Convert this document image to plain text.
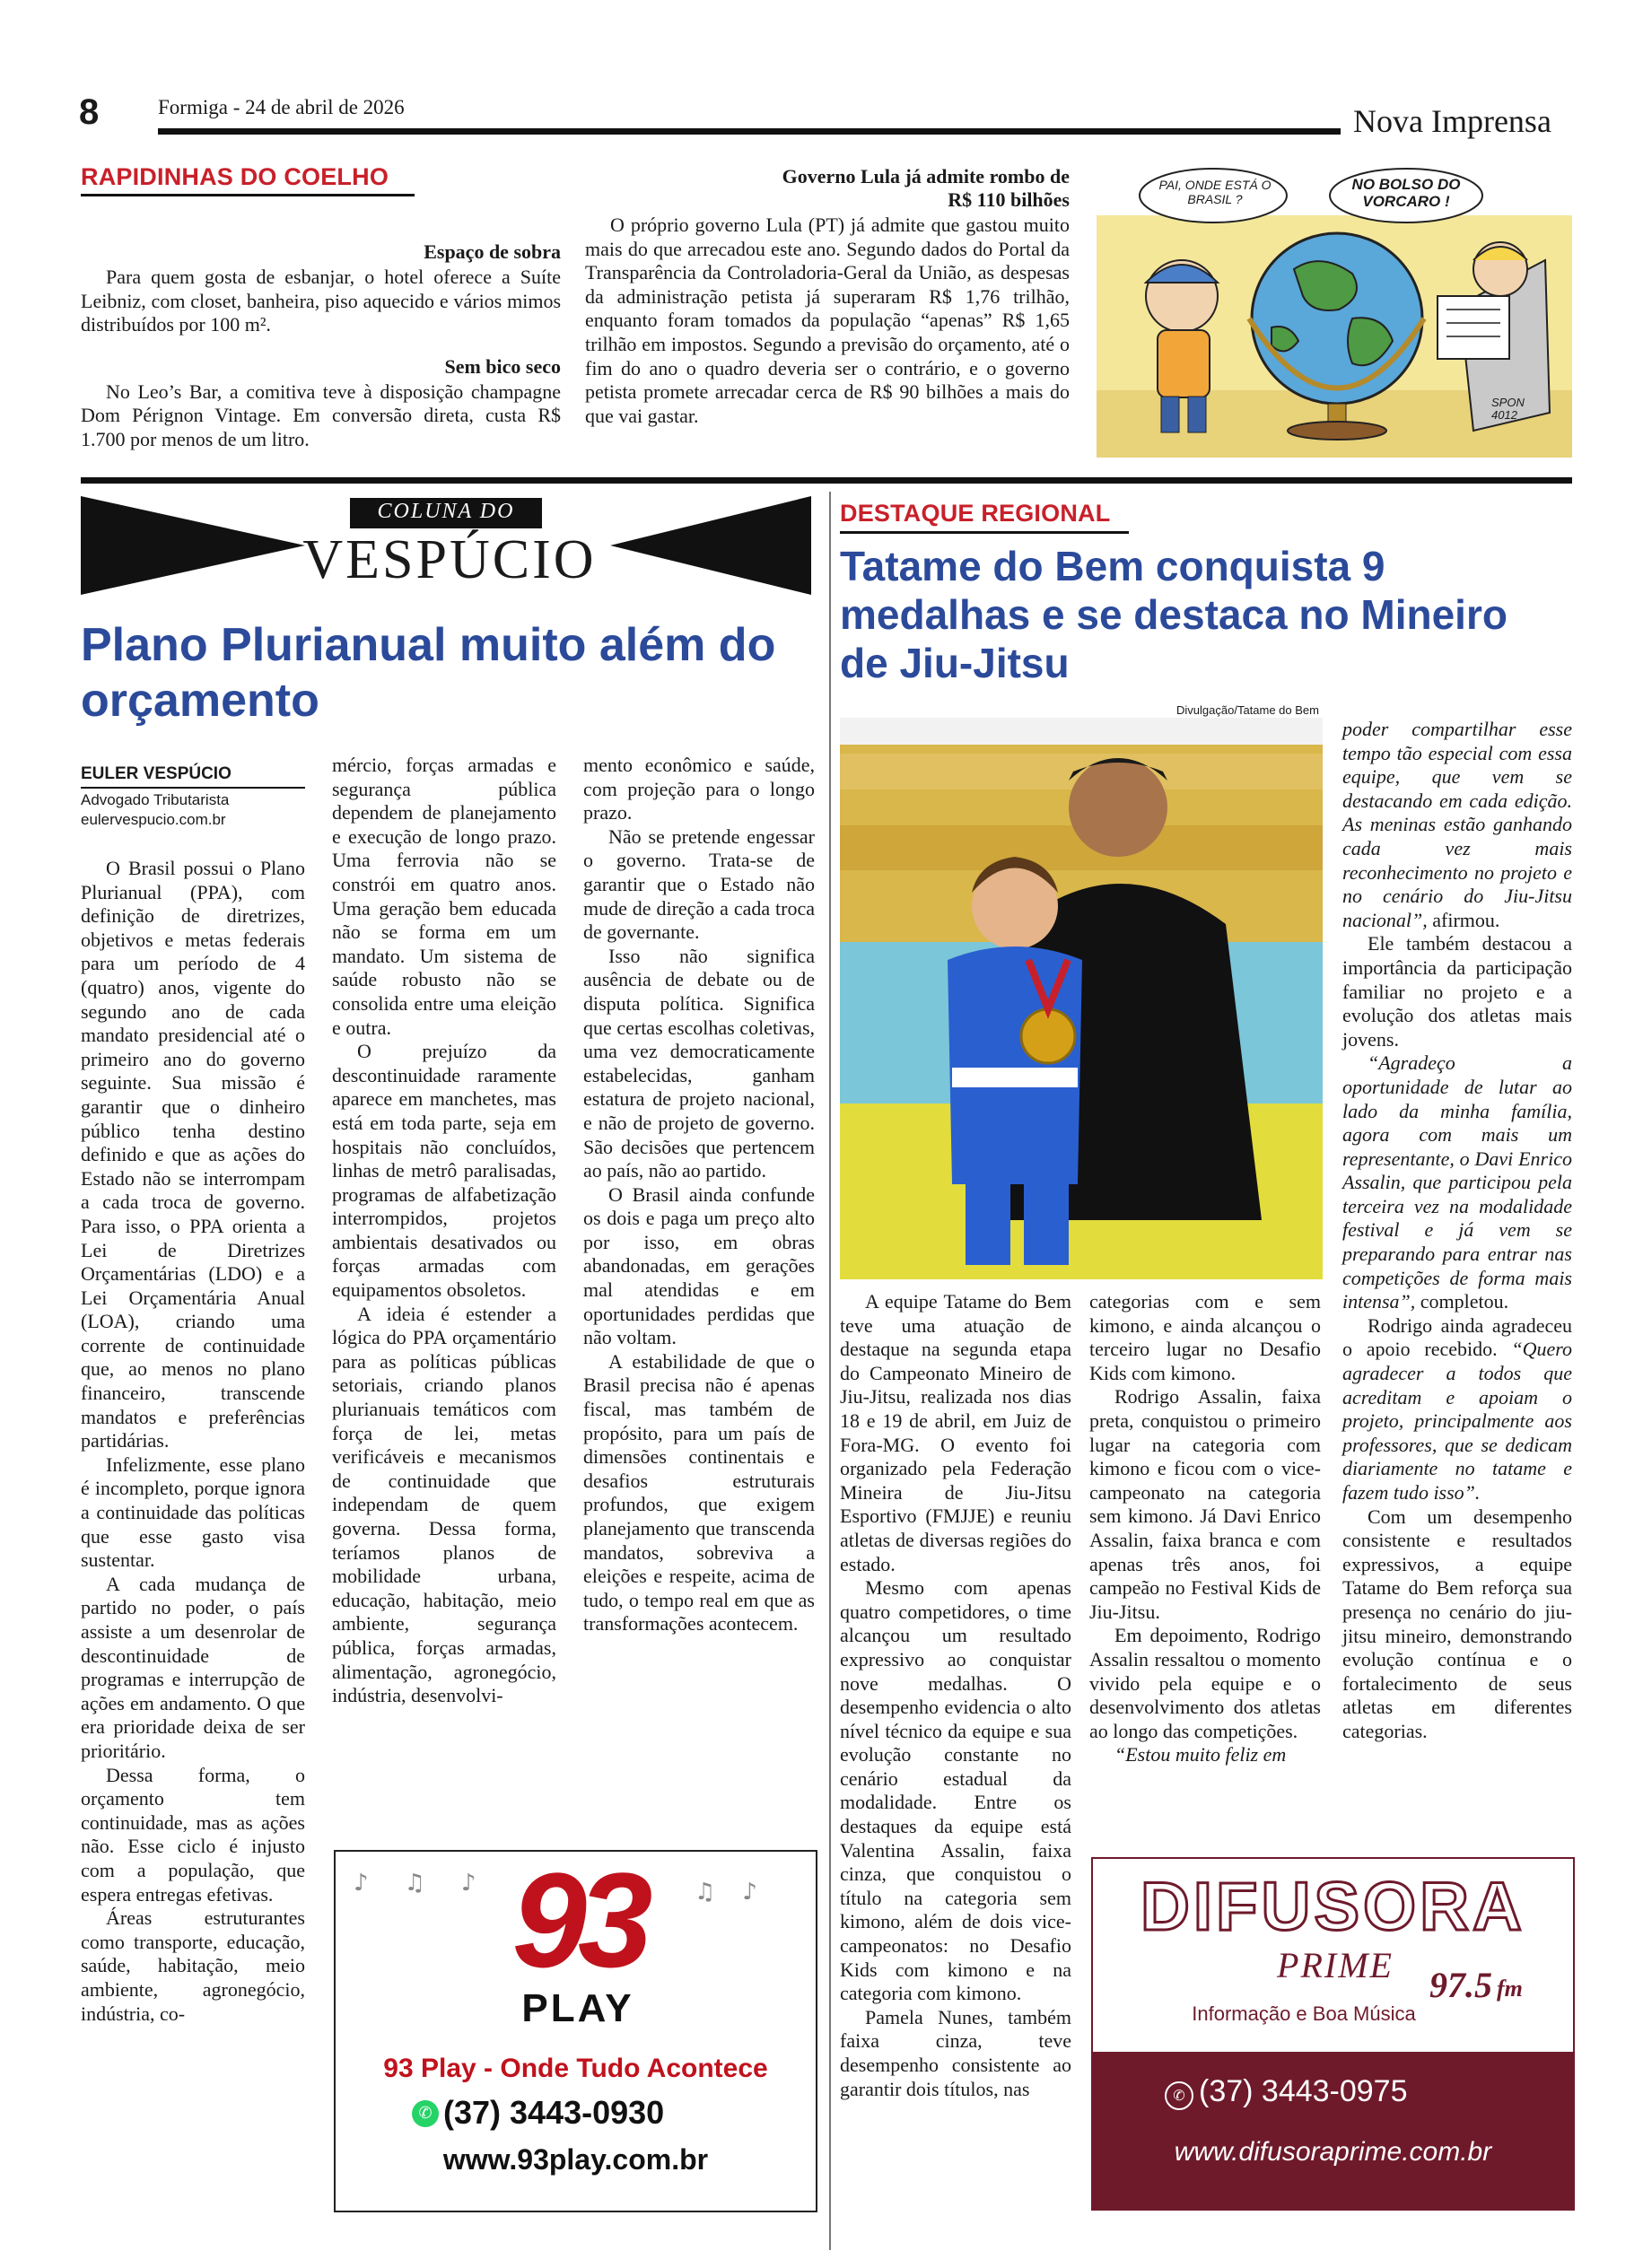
8	Formiga - 24 de abril de 2026	Nova Imprensa
RAPIDINHAS DO COELHO

Espaço de sobra

Para quem gosta de esbanjar, o hotel oferece a Suíte Leibniz, com closet, banheira, piso aquecido e vários mimos distribuídos por 100 m².

Sem bico seco

No Leo’s Bar, a comitiva teve à disposição champagne Dom Pérignon Vintage. Em conversão direta, custa R$ 1.700 por menos de um litro.

Governo Lula já admite rombo de

R$ 110 bilhões

O próprio governo Lula (PT) já admite que gastou muito mais do que arrecadou este ano. Segundo dados do Portal da Transparência da Controladoria-Geral da União, as despesas da administração petista já superaram R$ 1,76 trilhão, enquanto foram tomados da população “apenas” R$ 1,65 trilhão em impostos. Segundo a previsão do orçamento, até o fim do ano o quadro deveria ser o contrário, e o governo petista promete arrecadar cerca de R$ 90 bilhões a mais do que vai gastar.

PAI, ONDE ESTÁ O BRASIL ?
NO BOLSO DO VORCARO !
SPON 4012
COLUNA DO
VESPÚCIO
Plano Plurianual muito além do orçamento
EULER VESPÚCIO
Advogado Tributarista
eulervespucio.com.br

O Brasil possui o Plano Plurianual (PPA), com definição de diretrizes, objetivos e metas federais para um período de 4 (quatro) anos, vigente do segundo ano de cada mandato presidencial até o primeiro ano do governo seguinte. Sua missão é garantir que o dinheiro público tenha destino definido e que as ações do Estado não se interrompam a cada troca de governo. Para isso, o PPA orienta a Lei de Diretrizes Orçamentárias (LDO) e a Lei Orçamentária Anual (LOA), criando uma corrente de continuidade que, ao menos no plano financeiro, transcende mandatos e preferências partidárias.

Infelizmente, esse plano é incompleto, porque ignora a continuidade das políticas que esse gasto visa sustentar.

A cada mudança de partido no poder, o país assiste a um desenrolar de descontinuidade de programas e interrupção de ações em andamento. O que era prioridade deixa de ser prioritário.

Dessa forma, o orçamento tem continuidade, mas as ações não. Esse ciclo é injusto com a população, que espera entregas efetivas.

Áreas estruturantes como transporte, educação, saúde, habitação, meio ambiente, agronegócio, indústria, co-

mércio, forças armadas e segurança pública dependem de planejamento e execução de longo prazo. Uma ferrovia não se constrói em quatro anos. Uma geração bem educada não se forma em um mandato. Um sistema de saúde robusto não se consolida entre uma eleição e outra.

O prejuízo da descontinuidade raramente aparece em manchetes, mas está em toda parte, seja em hospitais não concluídos, linhas de metrô paralisadas, programas de alfabetização interrompidos, projetos ambientais desativados ou forças armadas com equipamentos obsoletos.

A ideia é estender a lógica do PPA orçamentário para as políticas públicas setoriais, criando planos plurianuais temáticos com força de lei, metas verificáveis e mecanismos de continuidade que independam de quem governa. Dessa forma, teríamos planos de mobilidade urbana, educação, habitação, meio ambiente, segurança pública, forças armadas, alimentação, agronegócio, indústria, desenvolvi-

mento econômico e saúde, com projeção para o longo prazo.

Não se pretende engessar o governo. Trata-se de garantir que o Estado não mude de direção a cada troca de governante.

Isso não significa ausência de debate ou de disputa política. Significa que certas escolhas coletivas, uma vez democraticamente estabelecidas, ganham estatura de projeto nacional, e não de projeto de governo. São decisões que pertencem ao país, não ao partido.

O Brasil ainda confunde os dois e paga um preço alto por isso, em obras abandonadas, em gerações mal atendidas e em oportunidades perdidas que não voltam.

A estabilidade de que o Brasil precisa não é apenas fiscal, mas também de propósito, para um país de dimensões continentais e desafios estruturais profundos, que exigem planejamento que transcenda mandatos, sobreviva a eleições e respeite, acima de tudo, o tempo real em que as transformações acontecem.

♪♫♪	♫♪
93
PLAY
93 Play - Onde Tudo Acontece
✆ (37) 3443-0930
www.93play.com.br
DESTAQUE REGIONAL
Tatame do Bem conquista 9 medalhas e se destaca no Mineiro de Jiu-Jitsu
Divulgação/Tatame do Bem

A equipe Tatame do Bem teve uma atuação de destaque na segunda etapa do Campeonato Mineiro de Jiu-Jitsu, realizada nos dias 18 e 19 de abril, em Juiz de Fora-MG. O evento foi organizado pela Federação Mineira de Jiu-Jitsu Esportivo (FMJJE) e reuniu atletas de diversas regiões do estado.

Mesmo com apenas quatro competidores, o time alcançou um resultado expressivo ao conquistar nove medalhas. O desempenho evidencia o alto nível técnico da equipe e sua evolução constante no cenário estadual da modalidade. Entre os destaques da equipe está Valentina Assalin, faixa cinza, que conquistou o título na categoria sem kimono, além de dois vice-campeonatos: no Desafio Kids com kimono e na categoria com kimono.

Pamela Nunes, também faixa cinza, teve desempenho consistente ao garantir dois títulos, nas

categorias com e sem kimono, e ainda alcançou o terceiro lugar no Desafio Kids com kimono.

Rodrigo Assalin, faixa preta, conquistou o primeiro lugar na categoria com kimono e ficou com o vice-campeonato na categoria sem kimono. Já Davi Enrico Assalin, faixa branca e com apenas três anos, foi campeão no Festival Kids de Jiu-Jitsu.

Em depoimento, Rodrigo Assalin ressaltou o momento vivido pela equipe e o desenvolvimento dos atletas ao longo das competições.

“Estou muito feliz em

poder compartilhar esse tempo tão especial com essa equipe, que vem se destacando em cada edição. As meninas estão ganhando cada vez mais reconhecimento no projeto e no cenário do Jiu-Jitsu nacional”, afirmou.

Ele também destacou a importância da participação familiar no projeto e a evolução dos atletas mais jovens.

“Agradeço a oportunidade de lutar ao lado da minha família, agora com mais um representante, o Davi Enrico Assalin, que participou pela terceira vez na modalidade festival e já vem se preparando para entrar nas competições de forma mais intensa”, completou.

Rodrigo ainda agradeceu o apoio recebido. “Quero agradecer a todos que acreditam e apoiam o projeto, principalmente aos professores, que se dedicam diariamente no tatame e fazem tudo isso”.

Com um desempenho consistente e resultados expressivos, a equipe Tatame do Bem reforça sua presença no cenário do jiu-jitsu mineiro, demonstrando evolução contínua e o fortalecimento de seus atletas em diferentes categorias.

DIFUSORA
PRIME	97.5 fm
Informação e Boa Música
✆ (37) 3443-0975
www.difusoraprime.com.br
